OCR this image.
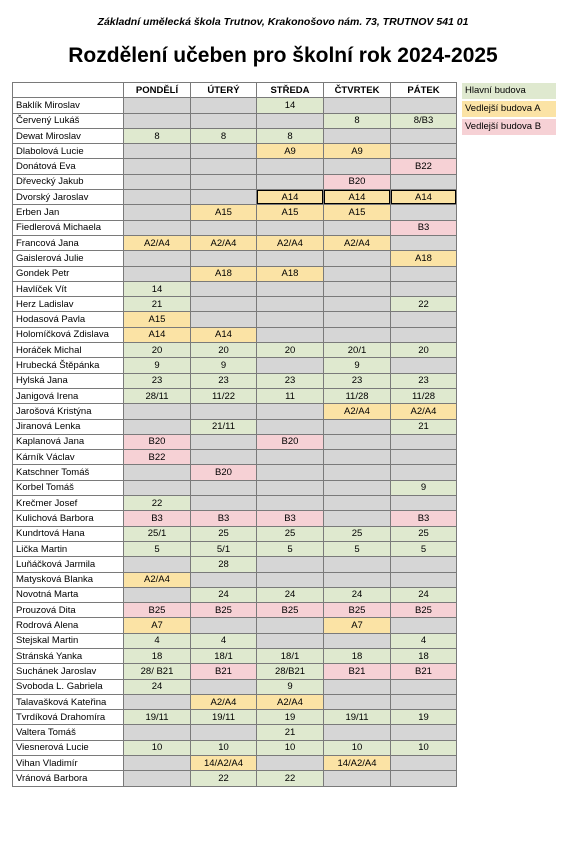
Základní umělecká škola Trutnov, Krakonošovo nám. 73, TRUTNOV 541 01
Rozdělení učeben pro školní rok 2024-2025
	PONDĚLÍ	ÚTERÝ	STŘEDA	ČTVRTEK	PÁTEK
Baklík Miroslav			14		
Červený Lukáš				8	8/B3
Dewat Miroslav	8	8	8		
Dlabolová Lucie			A9	A9	
Donátová Eva					B22
Dřevecký Jakub				B20	
Dvorský Jaroslav			A14	A14	A14
Erben Jan		A15	A15	A15	
Fiedlerová Michaela					B3
Francová Jana	A2/A4	A2/A4	A2/A4	A2/A4	
Gaislerová Julie					A18
Gondek Petr		A18	A18		
Havlíček Vít	14				
Herz Ladislav	21				22
Hodasová Pavla	A15				
Holomíčková Zdislava	A14	A14			
Horáček Michal	20	20	20	20/1	20
Hrubecká Štěpánka	9	9		9	
Hylská Jana	23	23	23	23	23
Janigová Irena	28/11	11/22	11	11/28	11/28
Jarošová Kristýna				A2/A4	A2/A4
Jiranová Lenka		21/11			21
Kaplanová Jana	B20		B20		
Kárník Václav	B22				
Katschner Tomáš		B20			
Korbel Tomáš					9
Krečmer Josef	22				
Kulichová Barbora	B3	B3	B3		B3
Kundrtová Hana	25/1	25	25	25	25
Lička Martin	5	5/1	5	5	5
Luňáčková Jarmila		28			
Matysková Blanka	A2/A4				
Novotná Marta		24	24	24	24
Prouzová Dita	B25	B25	B25	B25	B25
Rodrová Alena	A7			A7	
Stejskal Martin	4	4			4
Stránská Yanka	18	18/1	18/1	18	18
Suchánek Jaroslav	28/ B21	B21	28/B21	B21	B21
Svoboda L. Gabriela	24		9		
Talavašková Kateřina		A2/A4	A2/A4		
Tvrdíková Drahomíra	19/11	19/11	19	19/11	19
Valtera Tomáš			21		
Viesnerová Lucie	10	10	10	10	10
Vihan Vladimír		14/A2/A4		14/A2/A4	
Vránová Barbora		22	22		
Hlavní budova
Vedlejší budova A
Vedlejší budova B
